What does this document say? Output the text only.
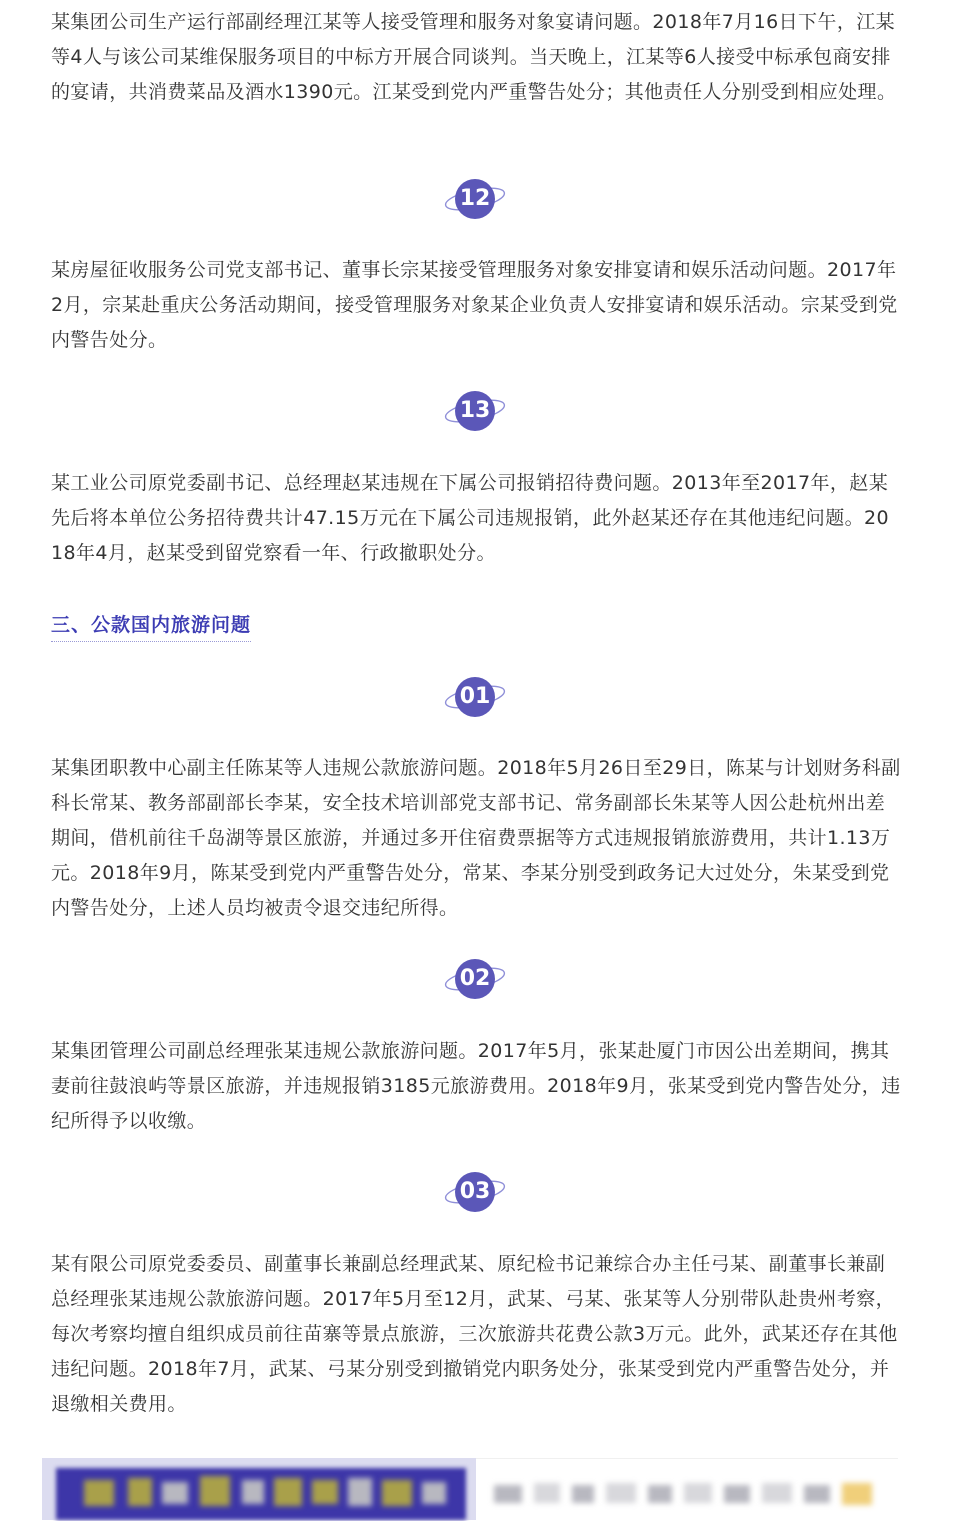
某集团公司生产运行部副经理江某等人接受管理和服务对象宴请问题。2018年7月16日下午，江某等4人与该公司某维保服务项目的中标方开展合同谈判。当天晚上，江某等6人接受中标承包商安排的宴请，共消费菜品及酒水1390元。江某受到党内严重警告处分；其他责任人分别受到相应处理。

12

某房屋征收服务公司党支部书记、董事长宗某接受管理服务对象安排宴请和娱乐活动问题。2017年2月，宗某赴重庆公务活动期间，接受管理服务对象某企业负责人安排宴请和娱乐活动。宗某受到党内警告处分。

13

某工业公司原党委副书记、总经理赵某违规在下属公司报销招待费问题。2013年至2017年，赵某先后将本单位公务招待费共计47.15万元在下属公司违规报销，此外赵某还存在其他违纪问题。2018年4月，赵某受到留党察看一年、行政撤职处分。

三、公款国内旅游问题
01

某集团职教中心副主任陈某等人违规公款旅游问题。2018年5月26日至29日，陈某与计划财务科副科长常某、教务部副部长李某，安全技术培训部党支部书记、常务副部长朱某等人因公赴杭州出差期间，借机前往千岛湖等景区旅游，并通过多开住宿费票据等方式违规报销旅游费用，共计1.13万元。2018年9月，陈某受到党内严重警告处分，常某、李某分别受到政务记大过处分，朱某受到党内警告处分，上述人员均被责令退交违纪所得。

02

某集团管理公司副总经理张某违规公款旅游问题。2017年5月，张某赴厦门市因公出差期间，携其妻前往鼓浪屿等景区旅游，并违规报销3185元旅游费用。2018年9月，张某受到党内警告处分，违纪所得予以收缴。

03

某有限公司原党委委员、副董事长兼副总经理武某、原纪检书记兼综合办主任弓某、副董事长兼副总经理张某违规公款旅游问题。2017年5月至12月，武某、弓某、张某等人分别带队赴贵州考察，每次考察均擅自组织成员前往苗寨等景点旅游，三次旅游共花费公款3万元。此外，武某还存在其他违纪问题。2018年7月，武某、弓某分别受到撤销党内职务处分，张某受到党内严重警告处分，并退缴相关费用。
